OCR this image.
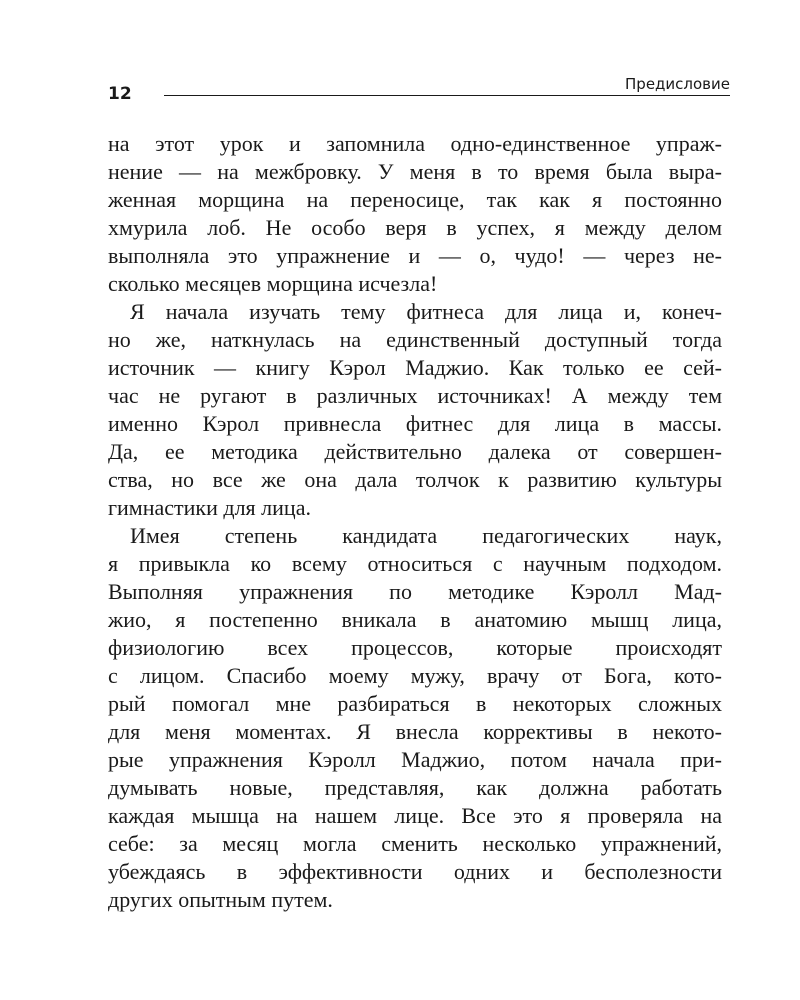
12	Предисловие
на этот урок и запомнила одно-единственное упраж-
нение — на межбровку. У меня в то время была выра-
женная морщина на переносице, так как я постоянно
хмурила лоб. Не особо веря в успех, я между делом
выполняла это упражнение и — о, чудо! — через не-
сколько месяцев морщина исчезла!
Я начала изучать тему фитнеса для лица и, конеч-
но же, наткнулась на единственный доступный тогда
источник — книгу Кэрол Маджио. Как только ее сей-
час не ругают в различных источниках! А между тем
именно Кэрол привнесла фитнес для лица в массы.
Да, ее методика действительно далека от совершен-
ства, но все же она дала толчок к развитию культуры
гимнастики для лица.
Имея степень кандидата педагогических наук,
я привыкла ко всему относиться с научным подходом.
Выполняя упражнения по методике Кэролл Мад-
жио, я постепенно вникала в анатомию мышц лица,
физиологию всех процессов, которые происходят
с лицом. Спасибо моему мужу, врачу от Бога, кото-
рый помогал мне разбираться в некоторых сложных
для меня моментах. Я внесла коррективы в некото-
рые упражнения Кэролл Маджио, потом начала при-
думывать новые, представляя, как должна работать
каждая мышца на нашем лице. Все это я проверяла на
себе: за месяц могла сменить несколько упражнений,
убеждаясь в эффективности одних и бесполезности
других опытным путем.
